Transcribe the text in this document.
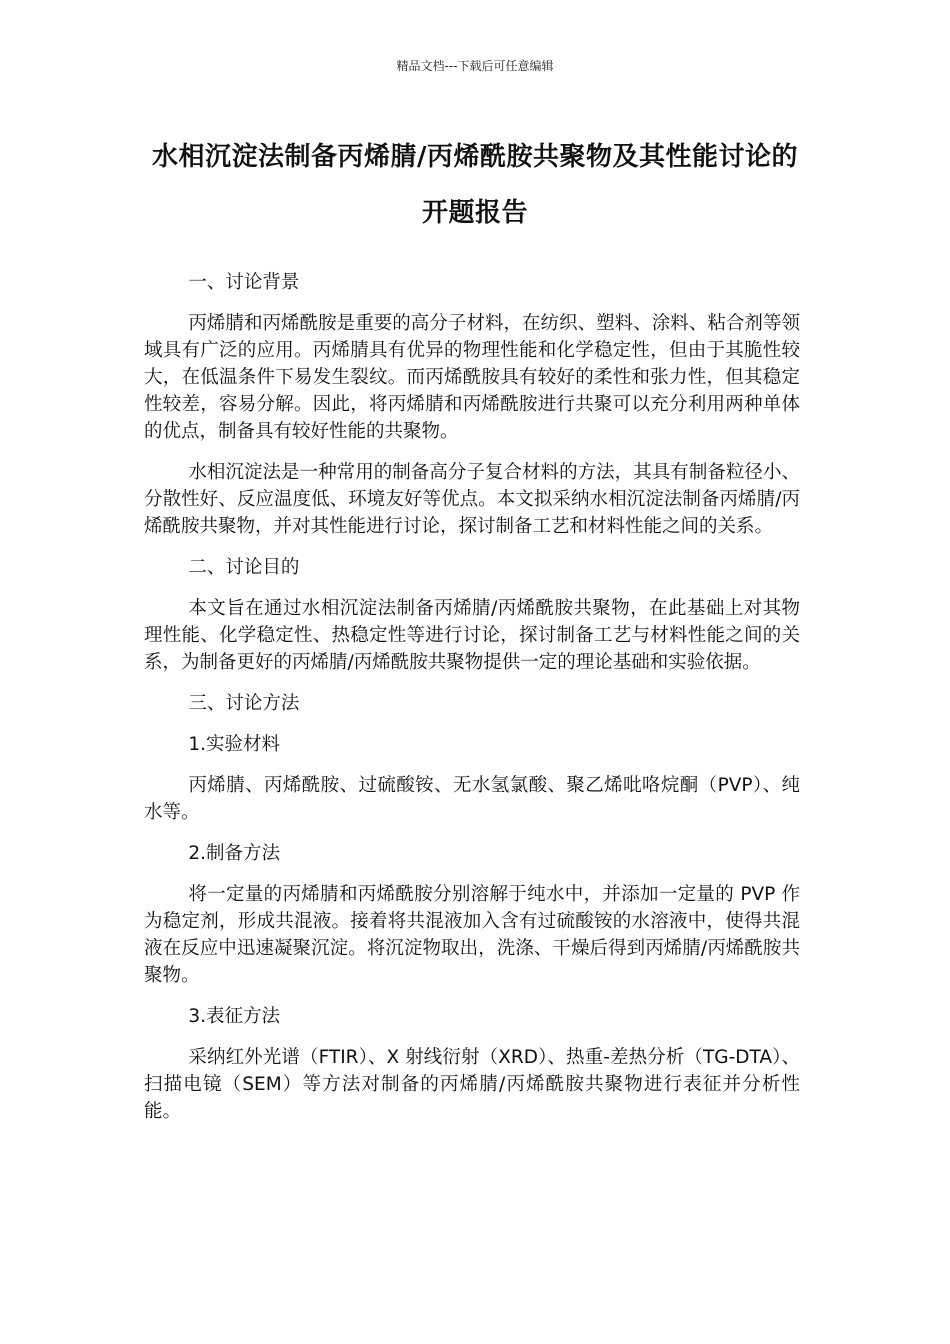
精品文档---下载后可任意编辑
水相沉淀法制备丙烯腈/丙烯酰胺共聚物及其性能讨论的开题报告

一、讨论背景

丙烯腈和丙烯酰胺是重要的高分子材料，在纺织、塑料、涂料、粘合剂等领域具有广泛的应用。丙烯腈具有优异的物理性能和化学稳定性，但由于其脆性较大，在低温条件下易发生裂纹。而丙烯酰胺具有较好的柔性和张力性，但其稳定性较差，容易分解。因此，将丙烯腈和丙烯酰胺进行共聚可以充分利用两种单体的优点，制备具有较好性能的共聚物。

水相沉淀法是一种常用的制备高分子复合材料的方法，其具有制备粒径小、分散性好、反应温度低、环境友好等优点。本文拟采纳水相沉淀法制备丙烯腈/丙烯酰胺共聚物，并对其性能进行讨论，探讨制备工艺和材料性能之间的关系。

二、讨论目的

本文旨在通过水相沉淀法制备丙烯腈/丙烯酰胺共聚物，在此基础上对其物理性能、化学稳定性、热稳定性等进行讨论，探讨制备工艺与材料性能之间的关系，为制备更好的丙烯腈/丙烯酰胺共聚物提供一定的理论基础和实验依据。

三、讨论方法

1.实验材料

丙烯腈、丙烯酰胺、过硫酸铵、无水氢氯酸、聚乙烯吡咯烷酮（PVP）、纯水等。

2.制备方法

将一定量的丙烯腈和丙烯酰胺分别溶解于纯水中，并添加一定量的 PVP 作为稳定剂，形成共混液。接着将共混液加入含有过硫酸铵的水溶液中，使得共混液在反应中迅速凝聚沉淀。将沉淀物取出，洗涤、干燥后得到丙烯腈/丙烯酰胺共聚物。

3.表征方法

采纳红外光谱（FTIR）、X 射线衍射（XRD）、热重-差热分析（TG-DTA）、扫描电镜（SEM）等方法对制备的丙烯腈/丙烯酰胺共聚物进行表征并分析性能。
